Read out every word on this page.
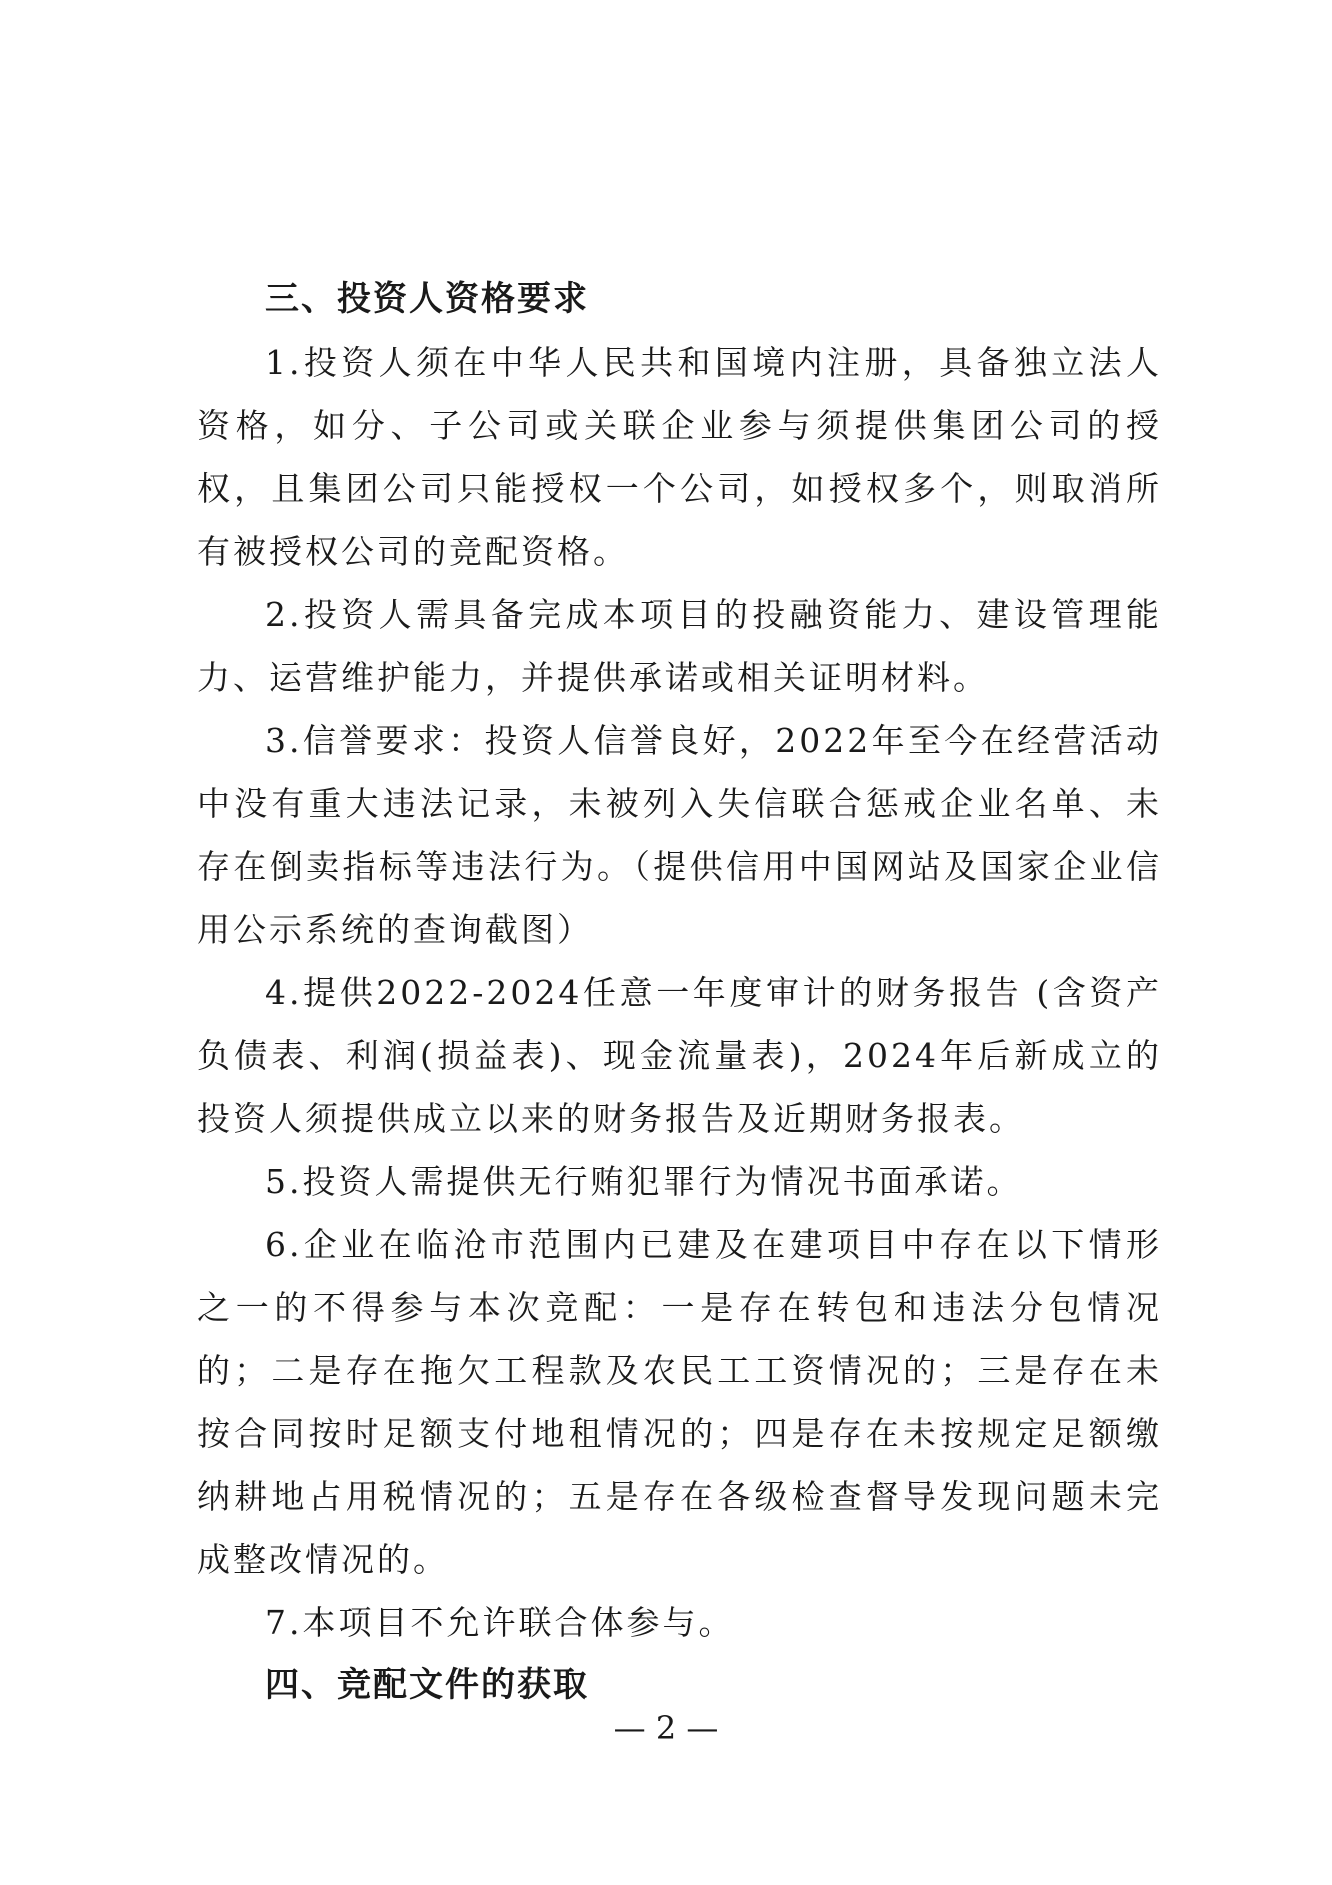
三、投资人资格要求

1.投资人须在中华人民共和国境内注册，具备独立法人资格，如分、子公司或关联企业参与须提供集团公司的授权，且集团公司只能授权一个公司，如授权多个，则取消所有被授权公司的竞配资格。

2.投资人需具备完成本项目的投融资能力、建设管理能力、运营维护能力，并提供承诺或相关证明材料。

3.信誉要求：投资人信誉良好，2022年至今在经营活动中没有重大违法记录，未被列入失信联合惩戒企业名单、未存在倒卖指标等违法行为。（提供信用中国网站及国家企业信用公示系统的查询截图）

4.提供2022-2024任意一年度审计的财务报告 (含资产负债表、利润(损益表)、现金流量表)，2024年后新成立的投资人须提供成立以来的财务报告及近期财务报表。

5.投资人需提供无行贿犯罪行为情况书面承诺。

6.企业在临沧市范围内已建及在建项目中存在以下情形之一的不得参与本次竞配：一是存在转包和违法分包情况的；二是存在拖欠工程款及农民工工资情况的；三是存在未按合同按时足额支付地租情况的；四是存在未按规定足额缴纳耕地占用税情况的；五是存在各级检查督导发现问题未完成整改情况的。

7.本项目不允许联合体参与。

四、竞配文件的获取

— 2 —
